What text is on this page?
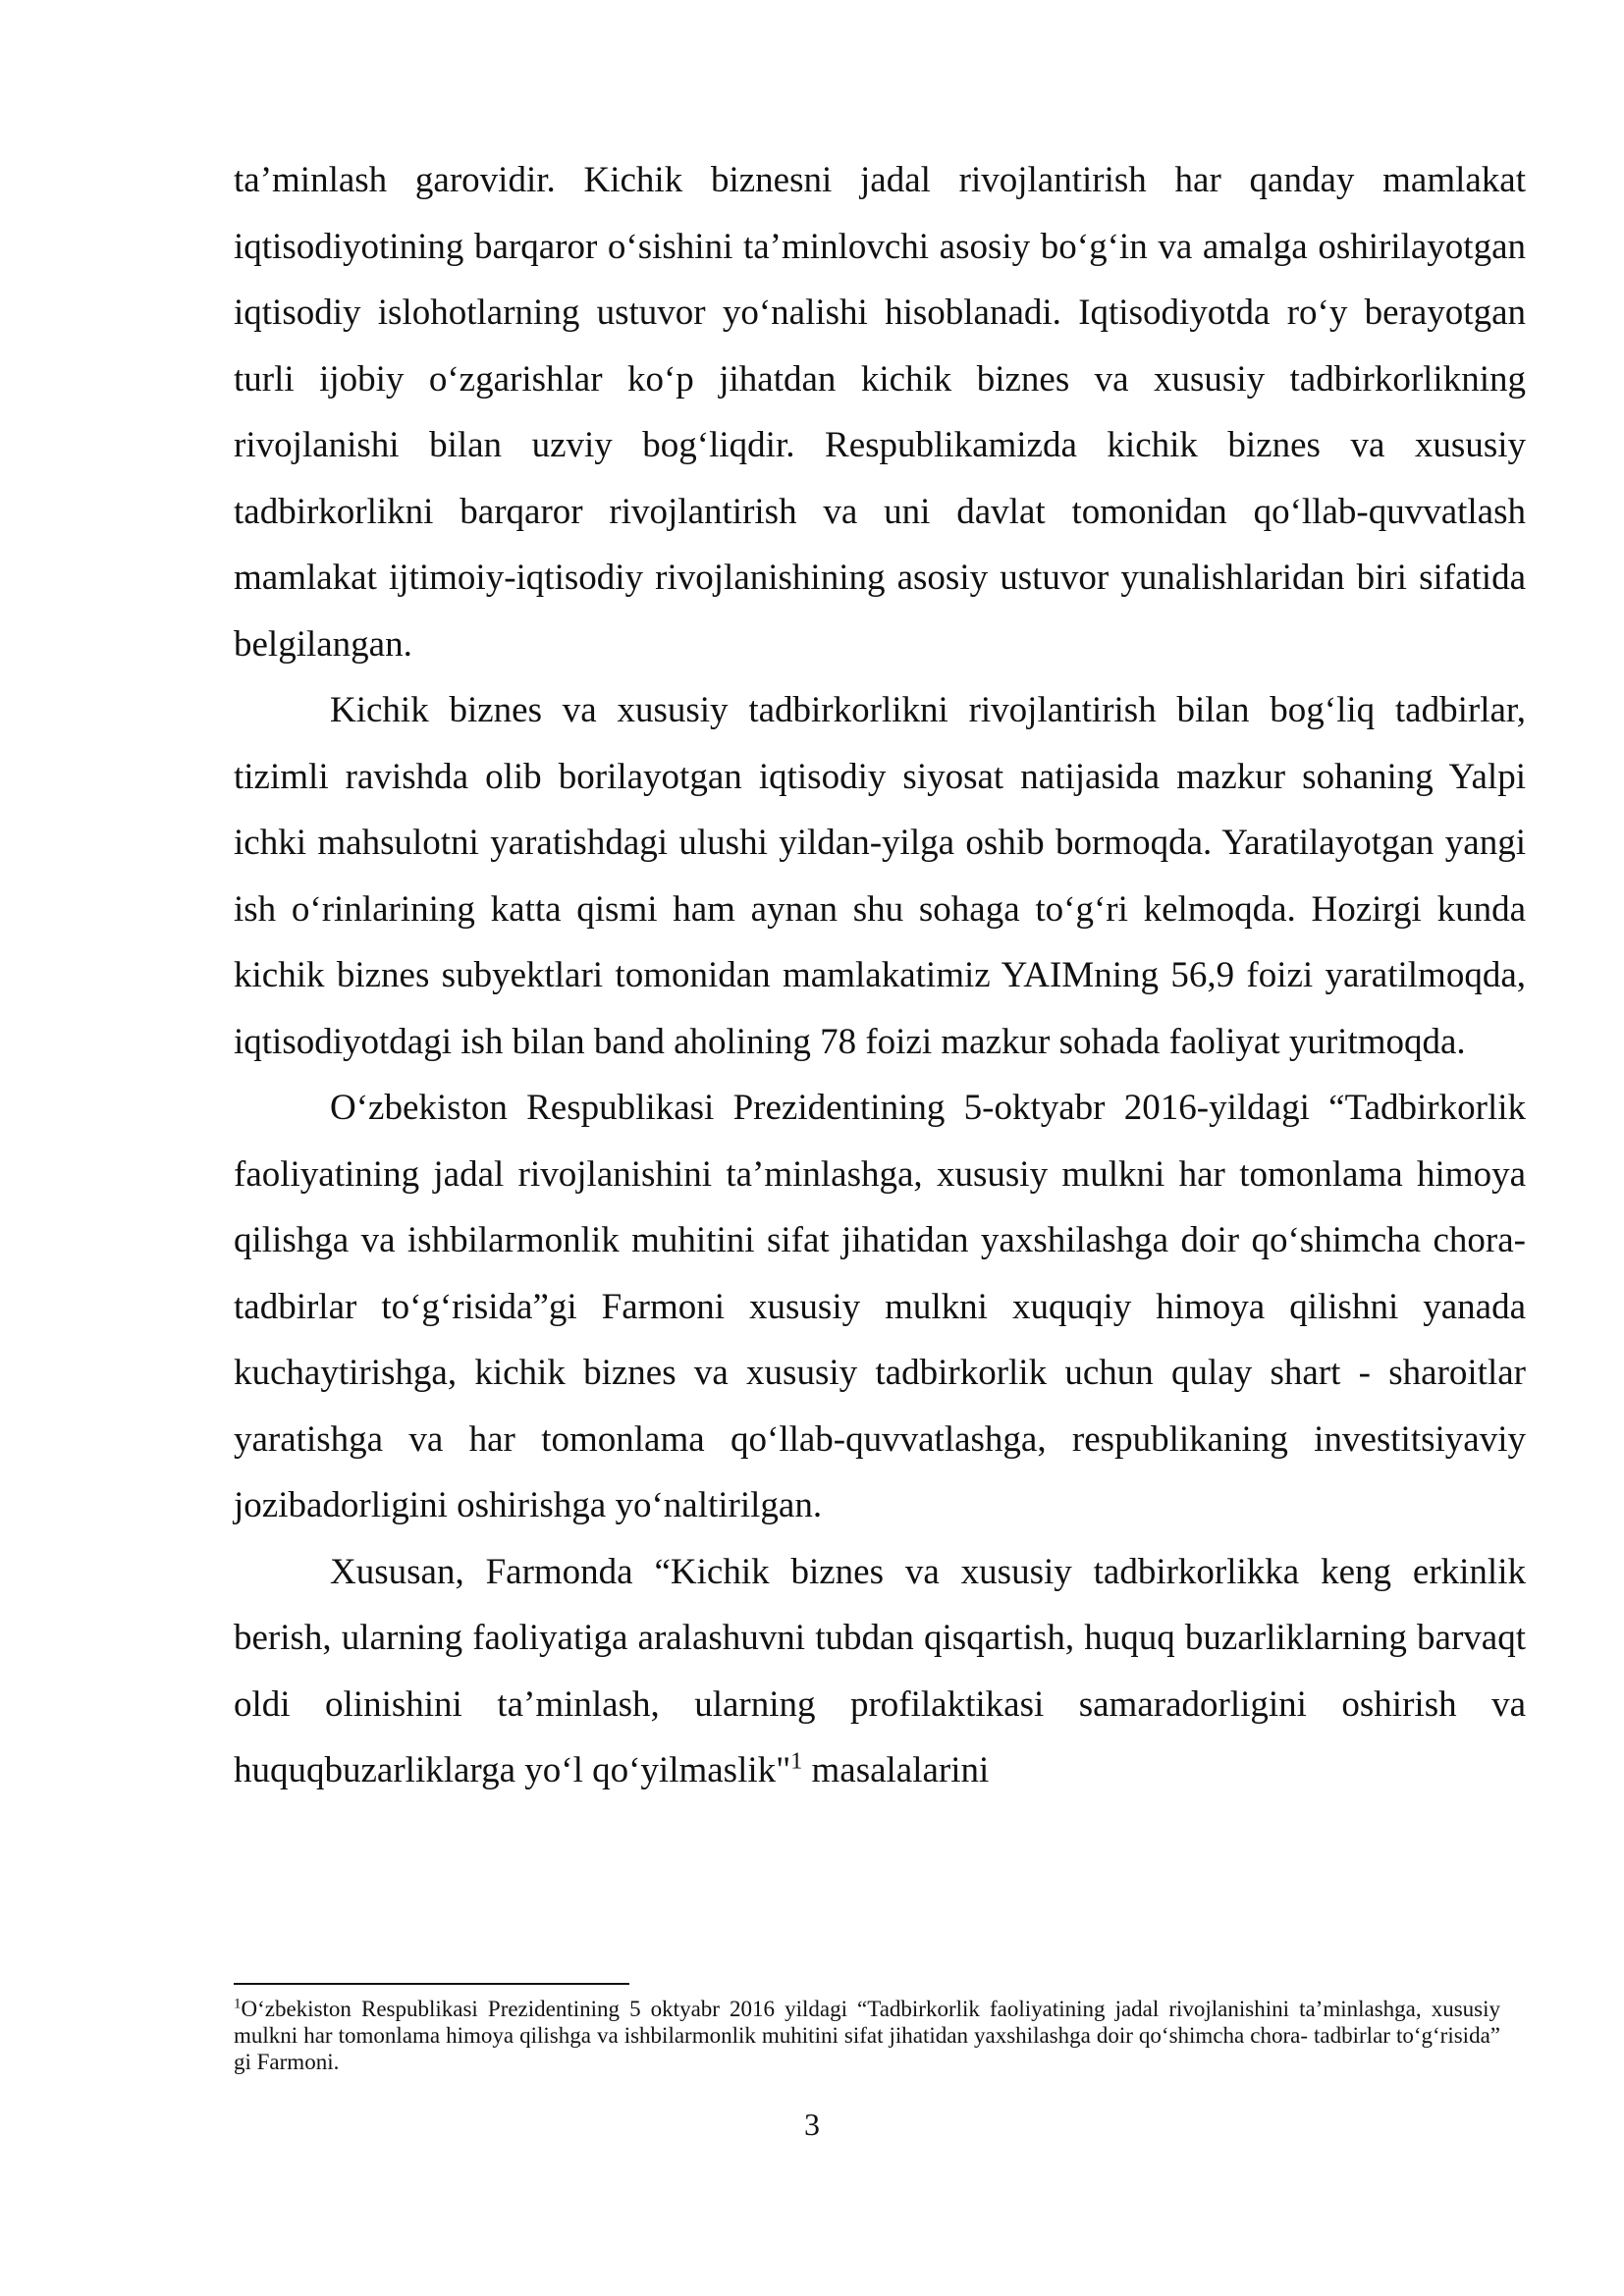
ta’minlash garovidir. Kichik biznesni jadal rivojlantirish har qanday mamlakat iqtisodiyotining barqaror o‘sishini ta’minlovchi asosiy bo‘g‘in va amalga oshirilayotgan iqtisodiy islohotlarning ustuvor yo‘nalishi hisoblanadi. Iqtisodiyotda ro‘y berayotgan turli ijobiy o‘zgarishlar ko‘p jihatdan kichik biznes va xususiy tadbirkorlikning rivojlanishi bilan uzviy bog‘liqdir. Respublikamizda kichik biznes va xususiy tadbirkorlikni barqaror rivojlantirish va uni davlat tomonidan qo‘llab-quvvatlash mamlakat ijtimoiy-iqtisodiy rivojlanishining asosiy ustuvor yunalishlaridan biri sifatida belgilangan.

Kichik biznes va xususiy tadbirkorlikni rivojlantirish bilan bog‘liq tadbirlar, tizimli ravishda olib borilayotgan iqtisodiy siyosat natijasida mazkur sohaning Yalpi ichki mahsulotni yaratishdagi ulushi yildan-yilga oshib bormoqda. Yaratilayotgan yangi ish o‘rinlarining katta qismi ham aynan shu sohaga to‘g‘ri kelmoqda. Hozirgi kunda kichik biznes subyektlari tomonidan mamlakatimiz YAIMning 56,9 foizi yaratilmoqda, iqtisodiyotdagi ish bilan band aholining 78 foizi mazkur sohada faoliyat yuritmoqda.

O‘zbekiston Respublikasi Prezidentining 5-oktyabr 2016-yildagi “Tadbirkorlik faoliyatining jadal rivojlanishini ta’minlashga, xususiy mulkni har tomonlama himoya qilishga va ishbilarmonlik muhitini sifat jihatidan yaxshilashga doir qo‘shimcha chora- tadbirlar to‘g‘risida”gi Farmoni xususiy mulkni xuquqiy himoya qilishni yanada kuchaytirishga, kichik biznes va xususiy tadbirkorlik uchun qulay shart - sharoitlar yaratishga va har tomonlama qo‘llab-quvvatlashga, respublikaning investitsiyaviy jozibadorligini oshirishga yo‘naltirilgan.

Xususan, Farmonda “Kichik biznes va xususiy tadbirkorlikka keng erkinlik berish, ularning faoliyatiga aralashuvni tubdan qisqartish, huquq buzarliklarning barvaqt oldi olinishini ta’minlash, ularning profilaktikasi samaradorligini oshirish va huquqbuzarliklarga yo‘l qo‘yilmaslik"$^1$ masalalarini

$^1$O‘zbekiston Respublikasi Prezidentining 5 oktyabr 2016 yildagi “Tadbirkorlik faoliyatining jadal rivojlanishini ta’minlashga, xususiy mulkni har tomonlama himoya qilishga va ishbilarmonlik muhitini sifat jihatidan yaxshilashga doir qo‘shimcha chora- tadbirlar to‘g‘risida” gi Farmoni.

3
